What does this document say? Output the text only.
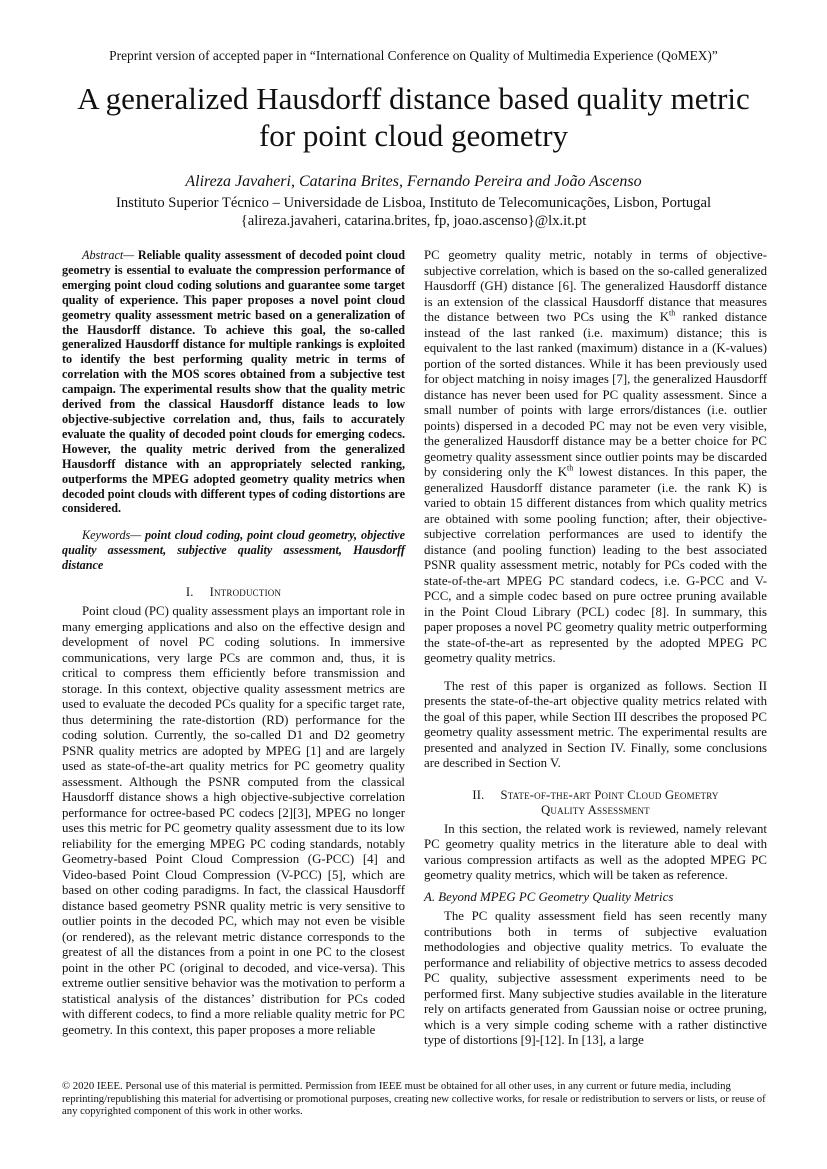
Preprint version of accepted paper in “International Conference on Quality of Multimedia Experience (QoMEX)”
A generalized Hausdorff distance based quality metric for point cloud geometry
Alireza Javaheri, Catarina Brites, Fernando Pereira and João Ascenso
Instituto Superior Técnico – Universidade de Lisboa, Instituto de Telecomunicações, Lisbon, Portugal
{alireza.javaheri, catarina.brites, fp, joao.ascenso}@lx.it.pt

Abstract— Reliable quality assessment of decoded point cloud geometry is essential to evaluate the compression performance of emerging point cloud coding solutions and guarantee some target quality of experience. This paper proposes a novel point cloud geometry quality assessment metric based on a generalization of the Hausdorff distance. To achieve this goal, the so-called generalized Hausdorff distance for multiple rankings is exploited to identify the best performing quality metric in terms of correlation with the MOS scores obtained from a subjective test campaign. The experimental results show that the quality metric derived from the classical Hausdorff distance leads to low objective-subjective correlation and, thus, fails to accurately evaluate the quality of decoded point clouds for emerging codecs. However, the quality metric derived from the generalized Hausdorff distance with an appropriately selected ranking, outperforms the MPEG adopted geometry quality metrics when decoded point clouds with different types of coding distortions are considered.

Keywords— point cloud coding, point cloud geometry, objective quality assessment, subjective quality assessment, Hausdorff distance

I. Introduction

Point cloud (PC) quality assessment plays an important role in many emerging applications and also on the effective design and development of novel PC coding solutions. In immersive communications, very large PCs are common and, thus, it is critical to compress them efficiently before transmission and storage. In this context, objective quality assessment metrics are used to evaluate the decoded PCs quality for a specific target rate, thus determining the rate-distortion (RD) performance for the coding solution. Currently, the so-called D1 and D2 geometry PSNR quality metrics are adopted by MPEG [1] and are largely used as state-of-the-art quality metrics for PC geometry quality assessment. Although the PSNR computed from the classical Hausdorff distance shows a high objective-subjective correlation performance for octree-based PC codecs [2][3], MPEG no longer uses this metric for PC geometry quality assessment due to its low reliability for the emerging MPEG PC coding standards, notably Geometry-based Point Cloud Compression (G-PCC) [4] and Video-based Point Cloud Compression (V-PCC) [5], which are based on other coding paradigms. In fact, the classical Hausdorff distance based geometry PSNR quality metric is very sensitive to outlier points in the decoded PC, which may not even be visible (or rendered), as the relevant metric distance corresponds to the greatest of all the distances from a point in one PC to the closest point in the other PC (original to decoded, and vice-versa). This extreme outlier sensitive behavior was the motivation to perform a statistical analysis of the distances’ distribution for PCs coded with different codecs, to find a more reliable quality metric for PC geometry. In this context, this paper proposes a more reliable

PC geometry quality metric, notably in terms of objective-subjective correlation, which is based on the so-called generalized Hausdorff (GH) distance [6]. The generalized Hausdorff distance is an extension of the classical Hausdorff distance that measures the distance between two PCs using the $K^{th}$ ranked distance instead of the last ranked (i.e. maximum) distance; this is equivalent to the last ranked (maximum) distance in a (K-values) portion of the sorted distances. While it has been previously used for object matching in noisy images [7], the generalized Hausdorff distance has never been used for PC quality assessment. Since a small number of points with large errors/distances (i.e. outlier points) dispersed in a decoded PC may not be even very visible, the generalized Hausdorff distance may be a better choice for PC geometry quality assessment since outlier points may be discarded by considering only the $K^{th}$ lowest distances. In this paper, the generalized Hausdorff distance parameter (i.e. the rank K) is varied to obtain 15 different distances from which quality metrics are obtained with some pooling function; after, their objective-subjective correlation performances are used to identify the distance (and pooling function) leading to the best associated PSNR quality assessment metric, notably for PCs coded with the state-of-the-art MPEG PC standard codecs, i.e. G-PCC and V-PCC, and a simple codec based on pure octree pruning available in the Point Cloud Library (PCL) codec [8]. In summary, this paper proposes a novel PC geometry quality metric outperforming the state-of-the-art as represented by the adopted MPEG PC geometry quality metrics.

The rest of this paper is organized as follows. Section II presents the state-of-the-art objective quality metrics related with the goal of this paper, while Section III describes the proposed PC geometry quality assessment metric. The experimental results are presented and analyzed in Section IV. Finally, some conclusions are described in Section V.

II. State-of-the-art Point Cloud Geometry
Quality Assessment

In this section, the related work is reviewed, namely relevant PC geometry quality metrics in the literature able to deal with various compression artifacts as well as the adopted MPEG PC geometry quality metrics, which will be taken as reference.

A. Beyond MPEG PC Geometry Quality Metrics

The PC quality assessment field has seen recently many contributions both in terms of subjective evaluation methodologies and objective quality metrics. To evaluate the performance and reliability of objective metrics to assess decoded PC quality, subjective assessment experiments need to be performed first. Many subjective studies available in the literature rely on artifacts generated from Gaussian noise or octree pruning, which is a very simple coding scheme with a rather distinctive type of distortions [9]-[12]. In [13], a large

© 2020 IEEE. Personal use of this material is permitted. Permission from IEEE must be obtained for all other uses, in any current or future media, including reprinting/republishing this material for advertising or promotional purposes, creating new collective works, for resale or redistribution to servers or lists, or reuse of any copyrighted component of this work in other works.
